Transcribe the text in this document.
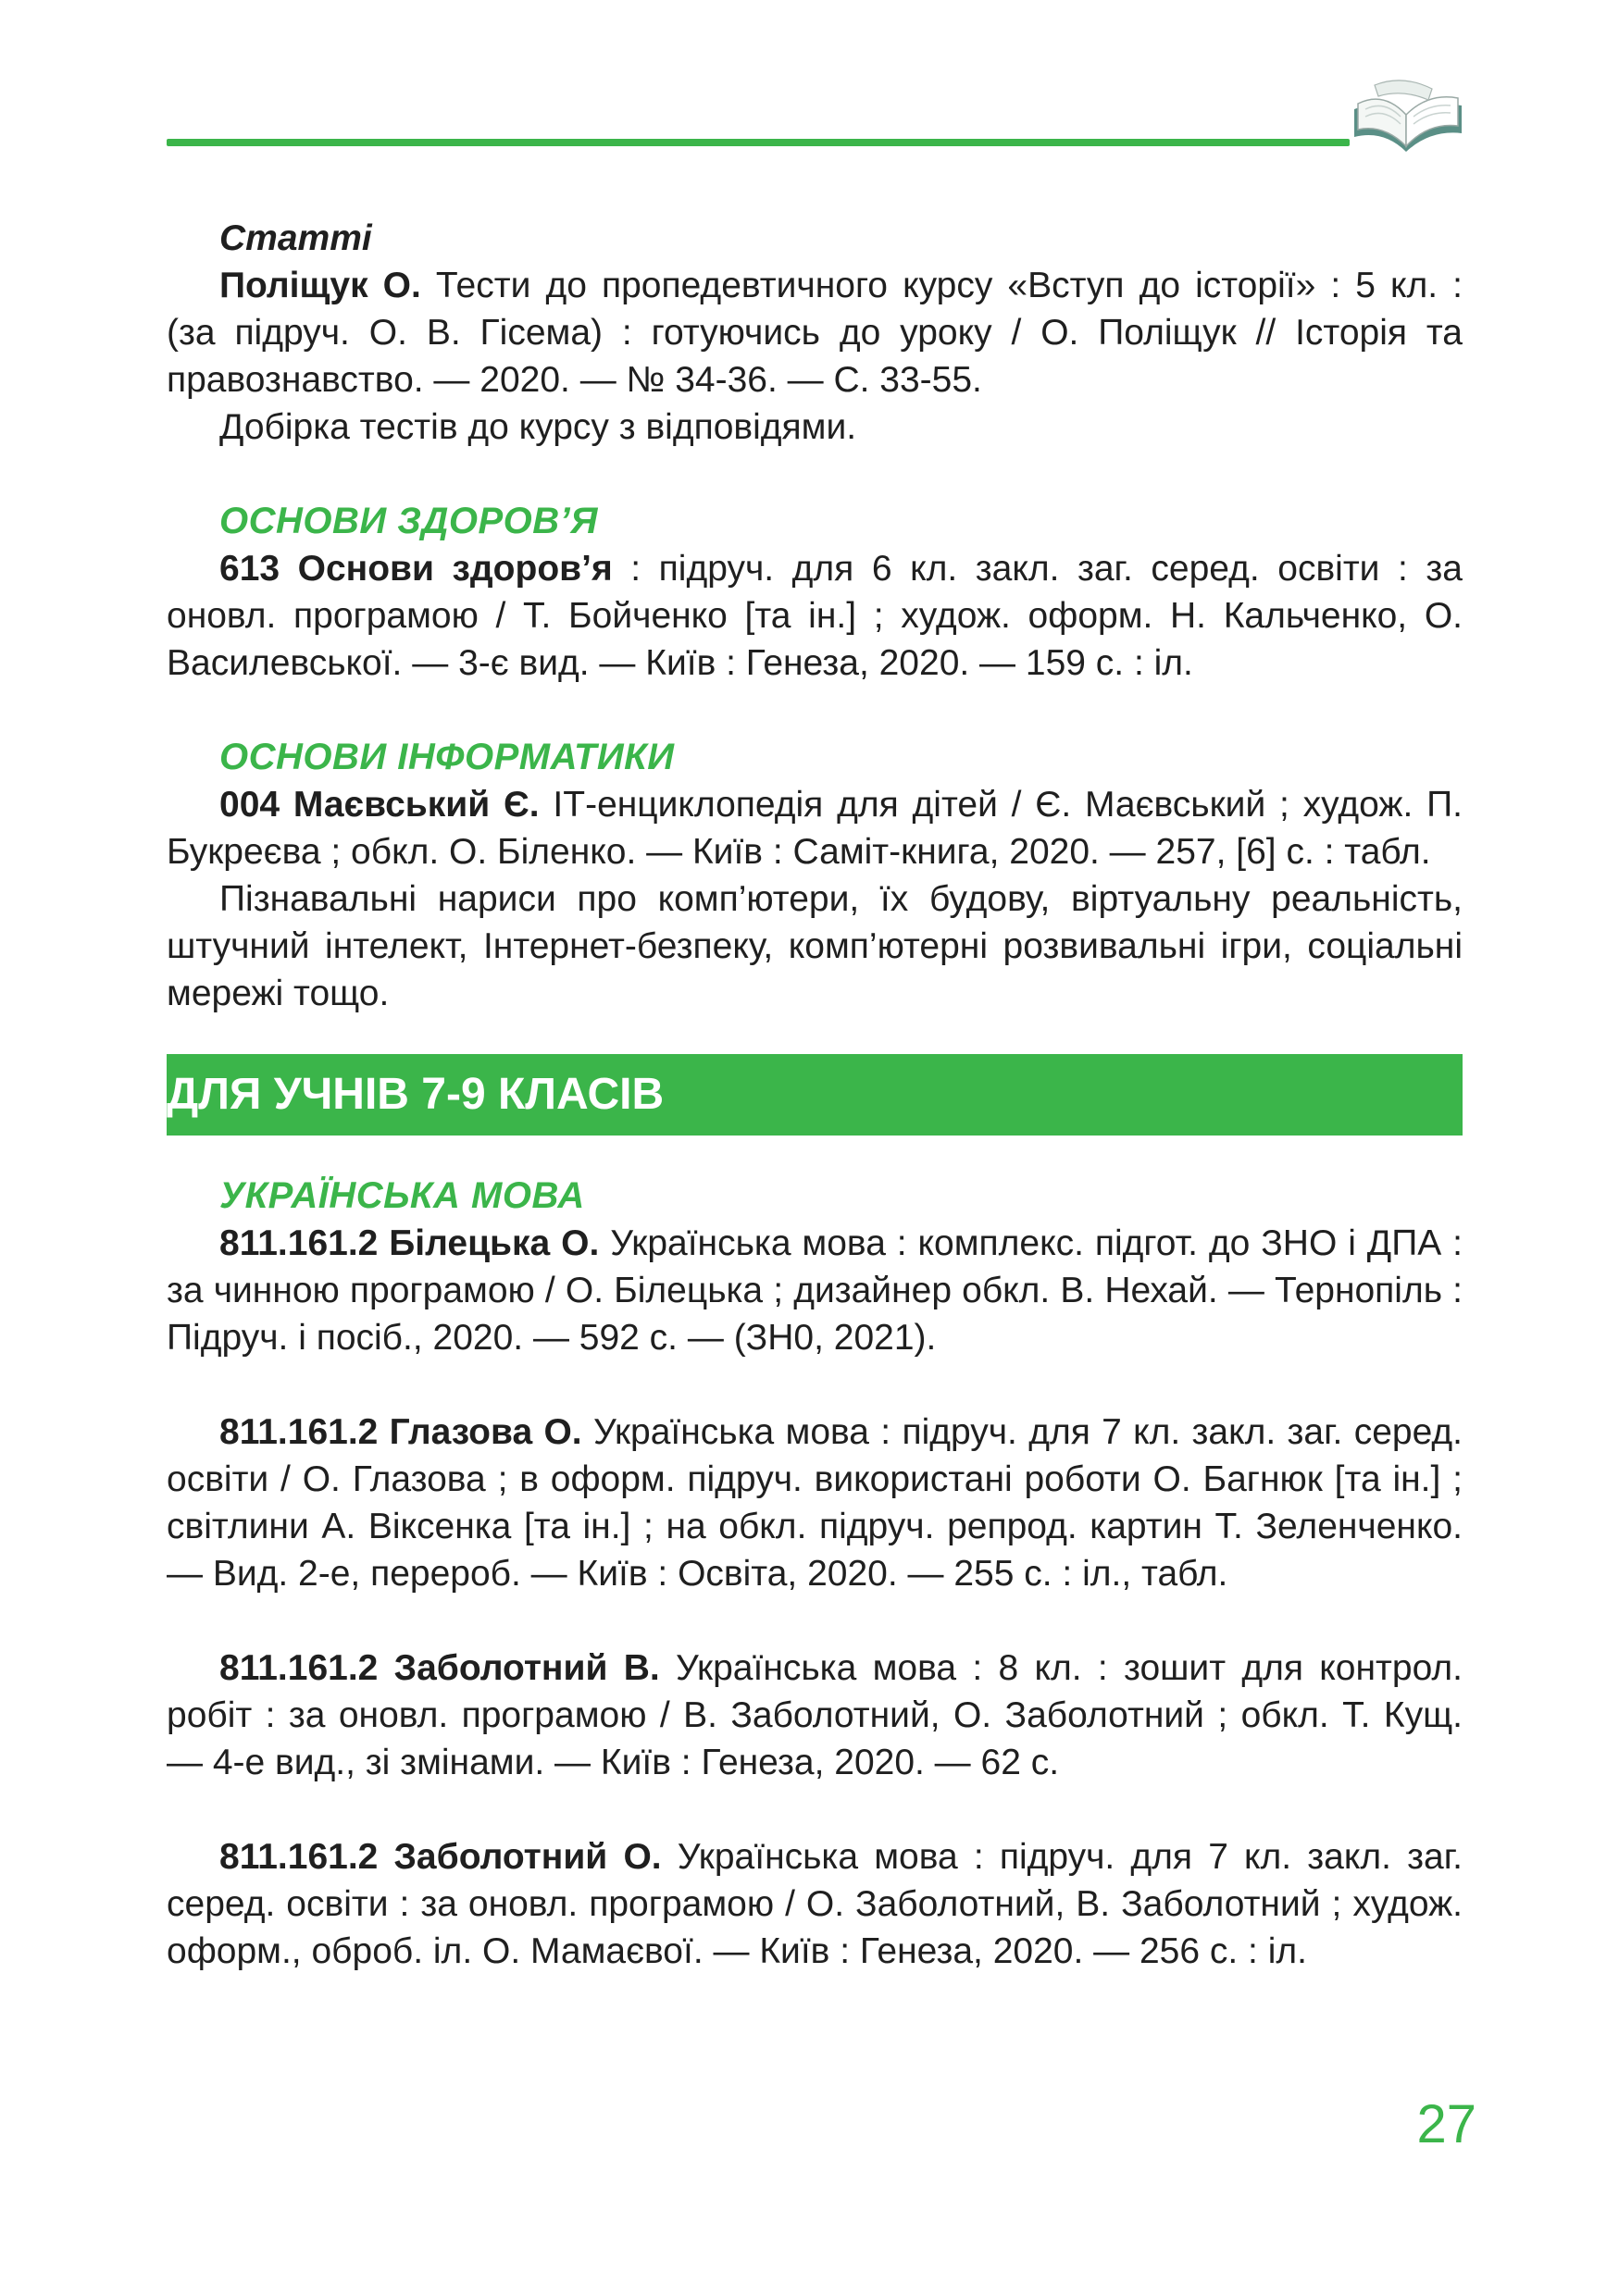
Статті

Поліщук О. Тести до пропедевтичного курсу «Вступ до історії» : 5 кл. : (за підруч. О. В. Гісема) : готуючись до уроку / О. Поліщук // Історія та правознавство. — 2020. — № 34-36. — С. 33-55.

Добірка тестів до курсу з відповідями.

ОСНОВИ ЗДОРОВ’Я

613 Основи здоров’я : підруч. для 6 кл. закл. заг. серед. освіти : за оновл. програмою / Т. Бойченко [та ін.] ; худож. оформ. Н. Кальченко, О. Василевської. — 3-є вид. — Київ : Генеза, 2020. — 159 с. : іл.

ОСНОВИ ІНФОРМАТИКИ

004 Маєвський Є. ІТ-енциклопедія для дітей / Є. Маєвський ; худож. П. Букреєва ; обкл. О. Біленко. — Київ : Саміт-книга, 2020. — 257, [6] с. : табл.

Пізнавальні нариси про комп’ютери, їх будову, віртуальну реальність, штучний інтелект, Інтернет-безпеку, комп’ютерні розвивальні ігри, соціальні мережі тощо.

ДЛЯ УЧНІВ 7-9 КЛАСІВ

УКРАЇНСЬКА МОВА

811.161.2 Білецька О. Українська мова : комплекс. підгот. до ЗНО і ДПА : за чинною програмою / О. Білецька ; дизайнер обкл. В. Нехай. — Тернопіль : Підруч. і посіб., 2020. — 592 с. — (ЗН0, 2021).

811.161.2 Глазова О. Українська мова : підруч. для 7 кл. закл. заг. серед. освіти / О. Глазова ; в оформ. підруч. використані роботи О. Багнюк [та ін.] ; світлини А. Віксенка [та ін.] ; на обкл. підруч. репрод. картин Т. Зеленченко. — Вид. 2-е, перероб. — Київ : Освіта, 2020. — 255 с. : іл., табл.

811.161.2 Заболотний В. Українська мова : 8 кл. : зошит для контрол. робіт : за оновл. програмою / В. Заболотний, О. Заболотний ; обкл. Т. Кущ. — 4-е вид., зі змінами. — Київ : Генеза, 2020. — 62 с.

811.161.2 Заболотний О. Українська мова : підруч. для 7 кл. закл. заг. серед. освіти : за оновл. програмою / О. Заболотний, В. Заболотний ; худож. оформ., оброб. іл. О. Мамаєвої. — Київ : Генеза, 2020. — 256 с. : іл.

27
